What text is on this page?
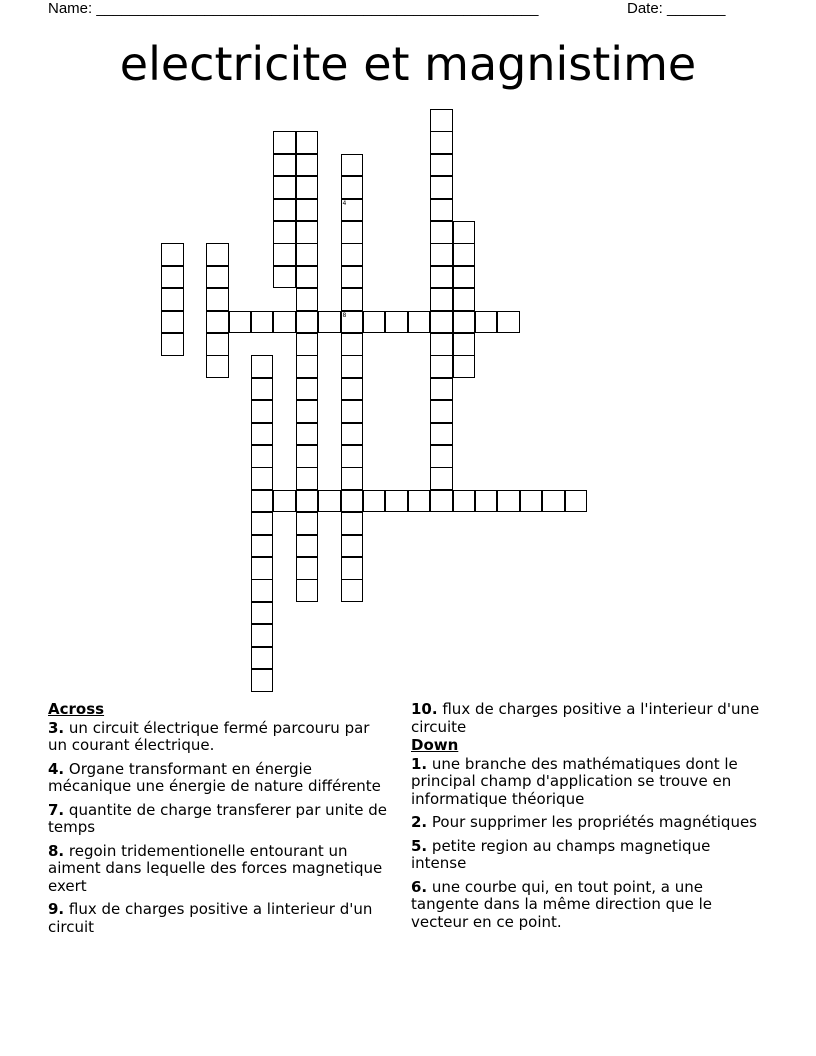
Name: _____________________________________________________	Date: _______
electricite et magnistime
8
4
Across
3. un circuit électrique fermé parcouru par un courant électrique.
4. Organe transformant en énergie mécanique une énergie de nature différente
7. quantite de charge transferer par unite de temps
8. regoin tridementionelle entourant un aiment dans lequelle des forces magnetique exert
9. flux de charges positive a linterieur d'un circuit
10. flux de charges positive a l'interieur d'une circuite
Down
1. une branche des mathématiques dont le principal champ d'application se trouve en informatique théorique
2. Pour supprimer les propriétés magnétiques
5. petite region au champs magnetique intense
6. une courbe qui, en tout point, a une tangente dans la même direction que le vecteur en ce point.
